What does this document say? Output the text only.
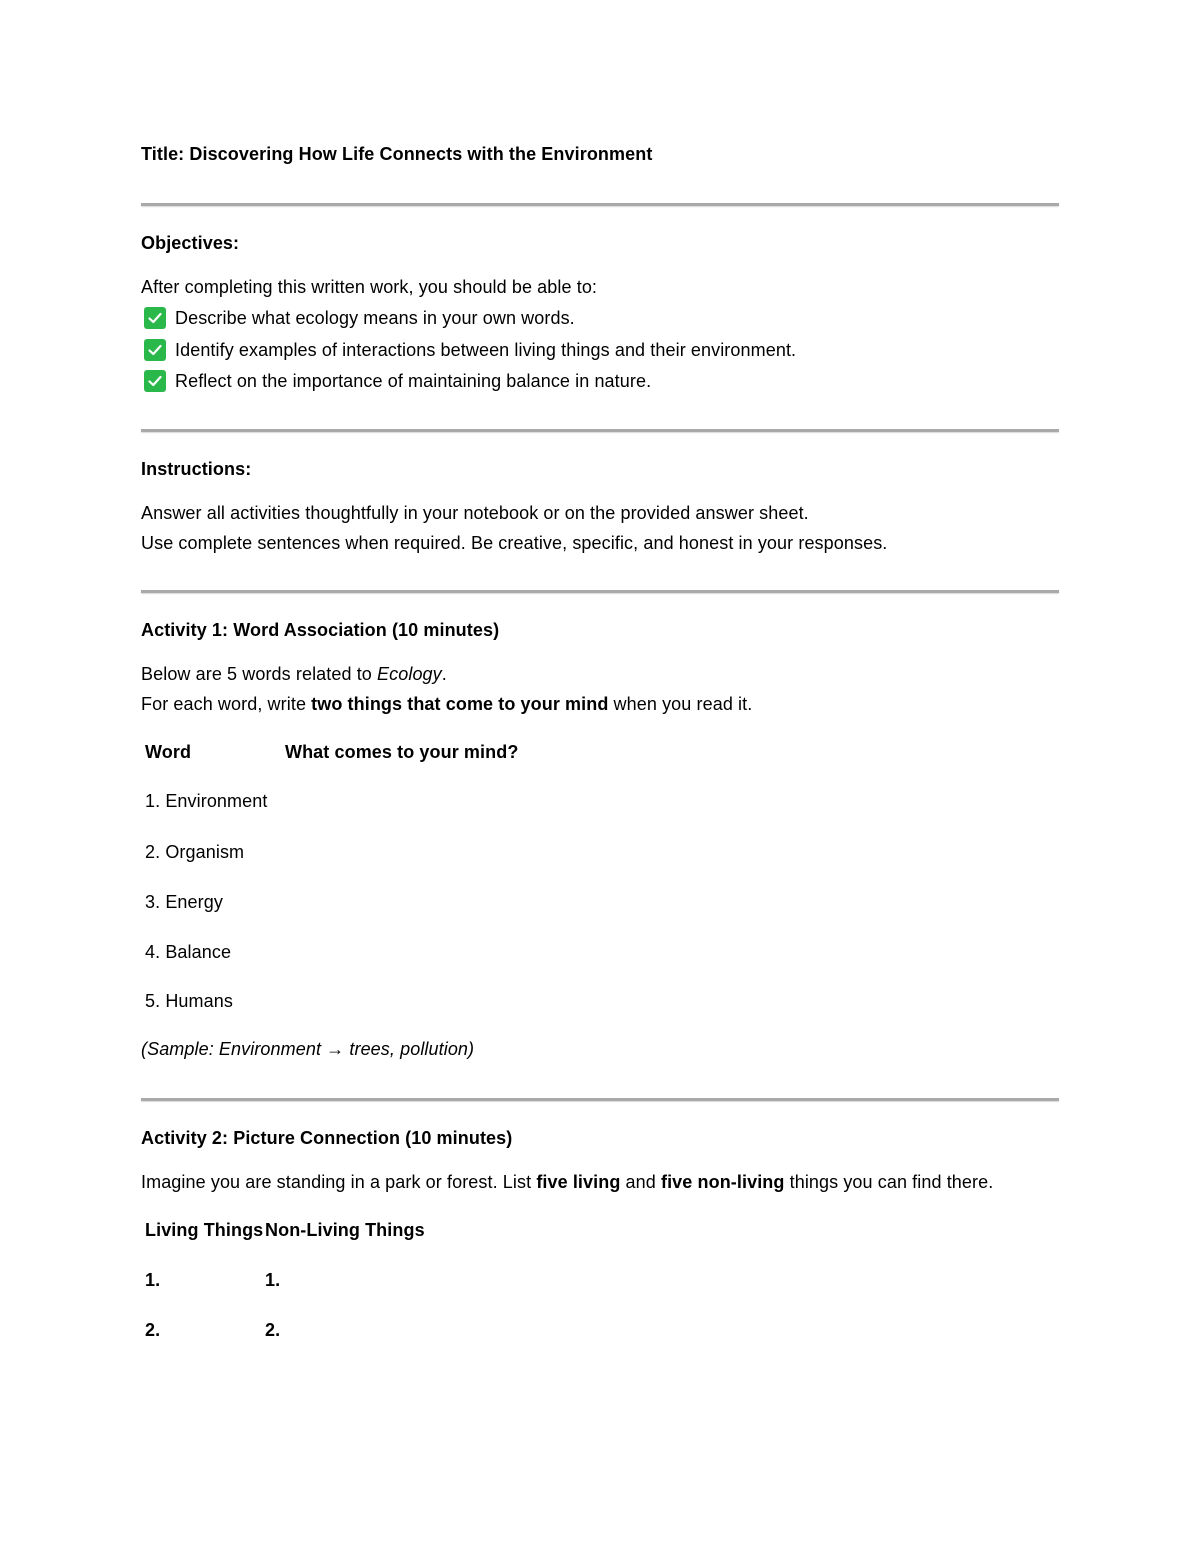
Title: Discovering How Life Connects with the Environment
Objectives:
After completing this written work, you should be able to:
Describe what ecology means in your own words.
Identify examples of interactions between living things and their environment.
Reflect on the importance of maintaining balance in nature.
Instructions:
Answer all activities thoughtfully in your notebook or on the provided answer sheet.
Use complete sentences when required. Be creative, specific, and honest in your responses.
Activity 1: Word Association (10 minutes)
Below are 5 words related to Ecology.
For each word, write two things that come to your mind when you read it.
Word	What comes to your mind?
1. Environment
2. Organism
3. Energy
4. Balance
5. Humans
(Sample: Environment → trees, pollution)
Activity 2: Picture Connection (10 minutes)
Imagine you are standing in a park or forest. List five living and five non-living things you can find there.
Living Things Non-Living Things
1.	1.
2.	2.
